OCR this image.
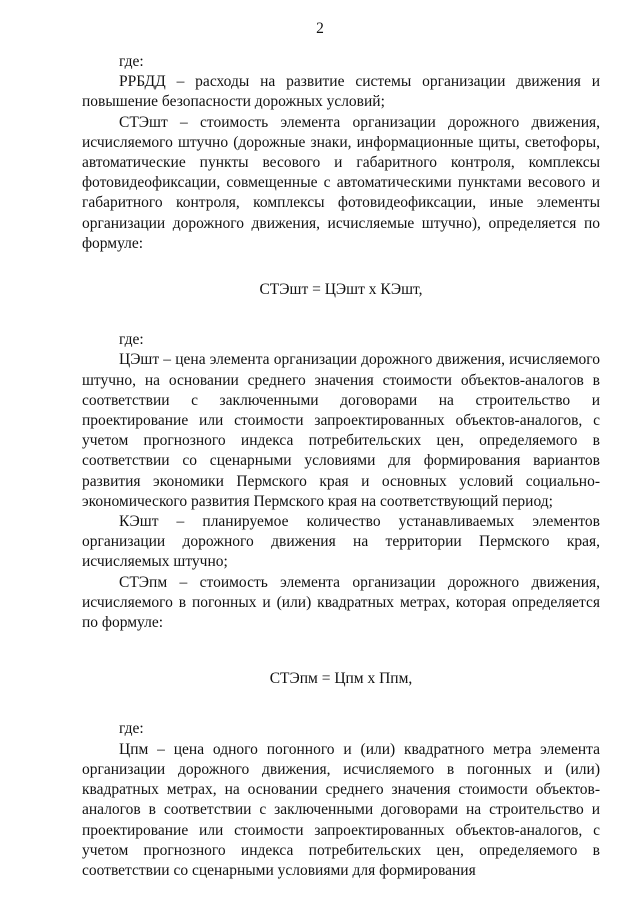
2

где:

РРБДД – расходы на развитие системы организации движения и повышение безопасности дорожных условий;

СТЭшт – стоимость элемента организации дорожного движения, исчисляемого штучно (дорожные знаки, информационные щиты, светофоры, автоматические пункты весового и габаритного контроля, комплексы фотовидеофиксации, совмещенные с автоматическими пунктами весового и габаритного контроля, комплексы фотовидеофиксации, иные элементы организации дорожного движения, исчисляемые штучно), определяется по формуле:

СТЭшт = ЦЭшт х КЭшт,

где:

ЦЭшт – цена элемента организации дорожного движения, исчисляемого штучно, на основании среднего значения стоимости объектов-аналогов в соответствии с заключенными договорами на строительство и проектирование или стоимости запроектированных объектов-аналогов, с учетом прогнозного индекса потребительских цен, определяемого в соответствии со сценарными условиями для формирования вариантов развития экономики Пермского края и основных условий социально-экономического развития Пермского края на соответствующий период;

КЭшт – планируемое количество устанавливаемых элементов организации дорожного движения на территории Пермского края, исчисляемых штучно;

СТЭпм – стоимость элемента организации дорожного движения, исчисляемого в погонных и (или) квадратных метрах, которая определяется по формуле:

СТЭпм = Цпм х Ппм,

где:

Цпм – цена одного погонного и (или) квадратного метра элемента организации дорожного движения, исчисляемого в погонных и (или) квадратных метрах, на основании среднего значения стоимости объектов-аналогов в соответствии с заключенными договорами на строительство и проектирование или стоимости запроектированных объектов-аналогов, с учетом прогнозного индекса потребительских цен, определяемого в соответствии со сценарными условиями для формирования
